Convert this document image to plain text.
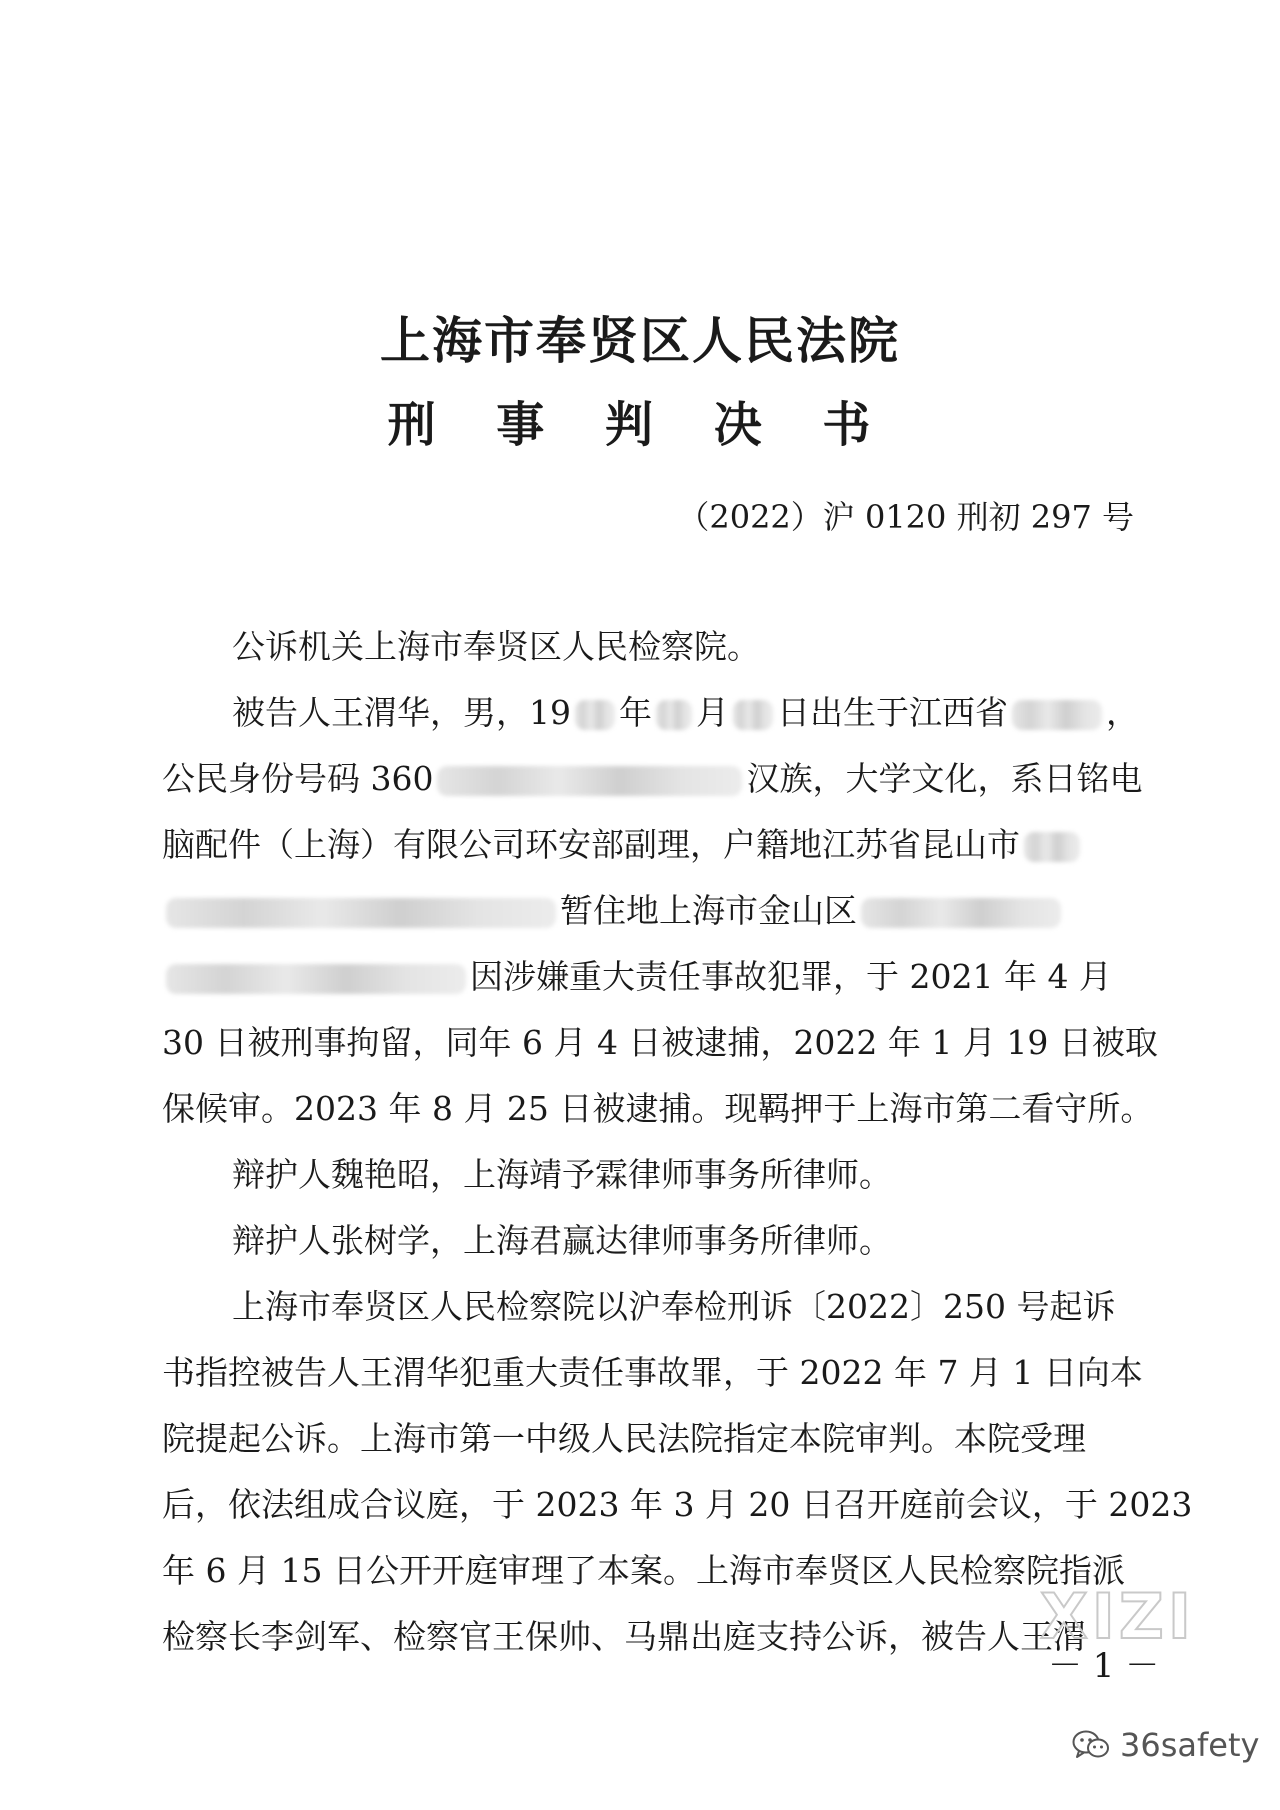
上海市奉贤区人民法院
刑 事 判 决 书
（2022）沪 0120 刑初 297 号
公诉机关上海市奉贤区人民检察院。
被告人王渭华，男，19 年 月 日出生于江西省	，
公民身份号码 360	汉族，大学文化，系日铭电
脑配件（上海）有限公司环安部副理，户籍地江苏省昆山市
暂住地上海市金山区
因涉嫌重大责任事故犯罪，于 2021 年 4 月
30 日被刑事拘留，同年 6 月 4 日被逮捕，2022 年 1 月 19 日被取
保候审。2023 年 8 月 25 日被逮捕。现羁押于上海市第二看守所。
辩护人魏艳昭，上海靖予霖律师事务所律师。
辩护人张树学，上海君赢达律师事务所律师。
上海市奉贤区人民检察院以沪奉检刑诉〔2022〕250 号起诉
书指控被告人王渭华犯重大责任事故罪，于 2022 年 7 月 1 日向本
院提起公诉。上海市第一中级人民法院指定本院审判。本院受理
后，依法组成合议庭，于 2023 年 3 月 20 日召开庭前会议，于 2023
年 6 月 15 日公开开庭审理了本案。上海市奉贤区人民检察院指派
检察长李剑军、检察官王保帅、马鼎出庭支持公诉，被告人王渭
XIZI
－ 1 －
36safety
